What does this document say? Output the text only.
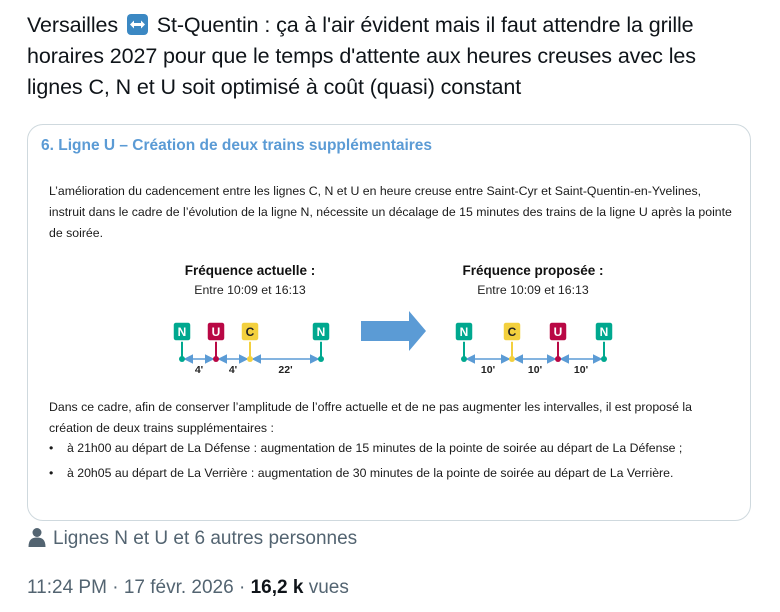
Versailles
St-Quentin : ça à l'air évident mais il faut attendre la grille horaires 2027 pour que le temps d'attente aux heures creuses avec les lignes C, N et U soit optimisé à coût (quasi) constant
6. Ligne U – Création de deux trains supplémentaires
L’amélioration du cadencement entre les lignes C, N et U en heure creuse entre Saint-Cyr et Saint-Quentin-en-Yvelines, instruit dans le cadre de l’évolution de la ligne N, nécessite un décalage de 15 minutes des trains de la ligne U après la pointe de soirée.
Fréquence actuelle :
Entre 10:09 et 16:13
Fréquence proposée :
Entre 10:09 et 16:13
4' 4'	22'
N U C	N
10'	10'	10'
N	C	U	N
Dans ce cadre, afin de conserver l’amplitude de l’offre actuelle et de ne pas augmenter les intervalles, il est proposé la création de deux trains supplémentaires :
• à 21h00 au départ de La Défense : augmentation de 15 minutes de la pointe de soirée au départ de La Défense ;
• à 20h05 au départ de La Verrière : augmentation de 30 minutes de la pointe de soirée au départ de La Verrière.
Lignes N et U et 6 autres personnes
11:24 PM · 17 févr. 2026 · 16,2 k vues
